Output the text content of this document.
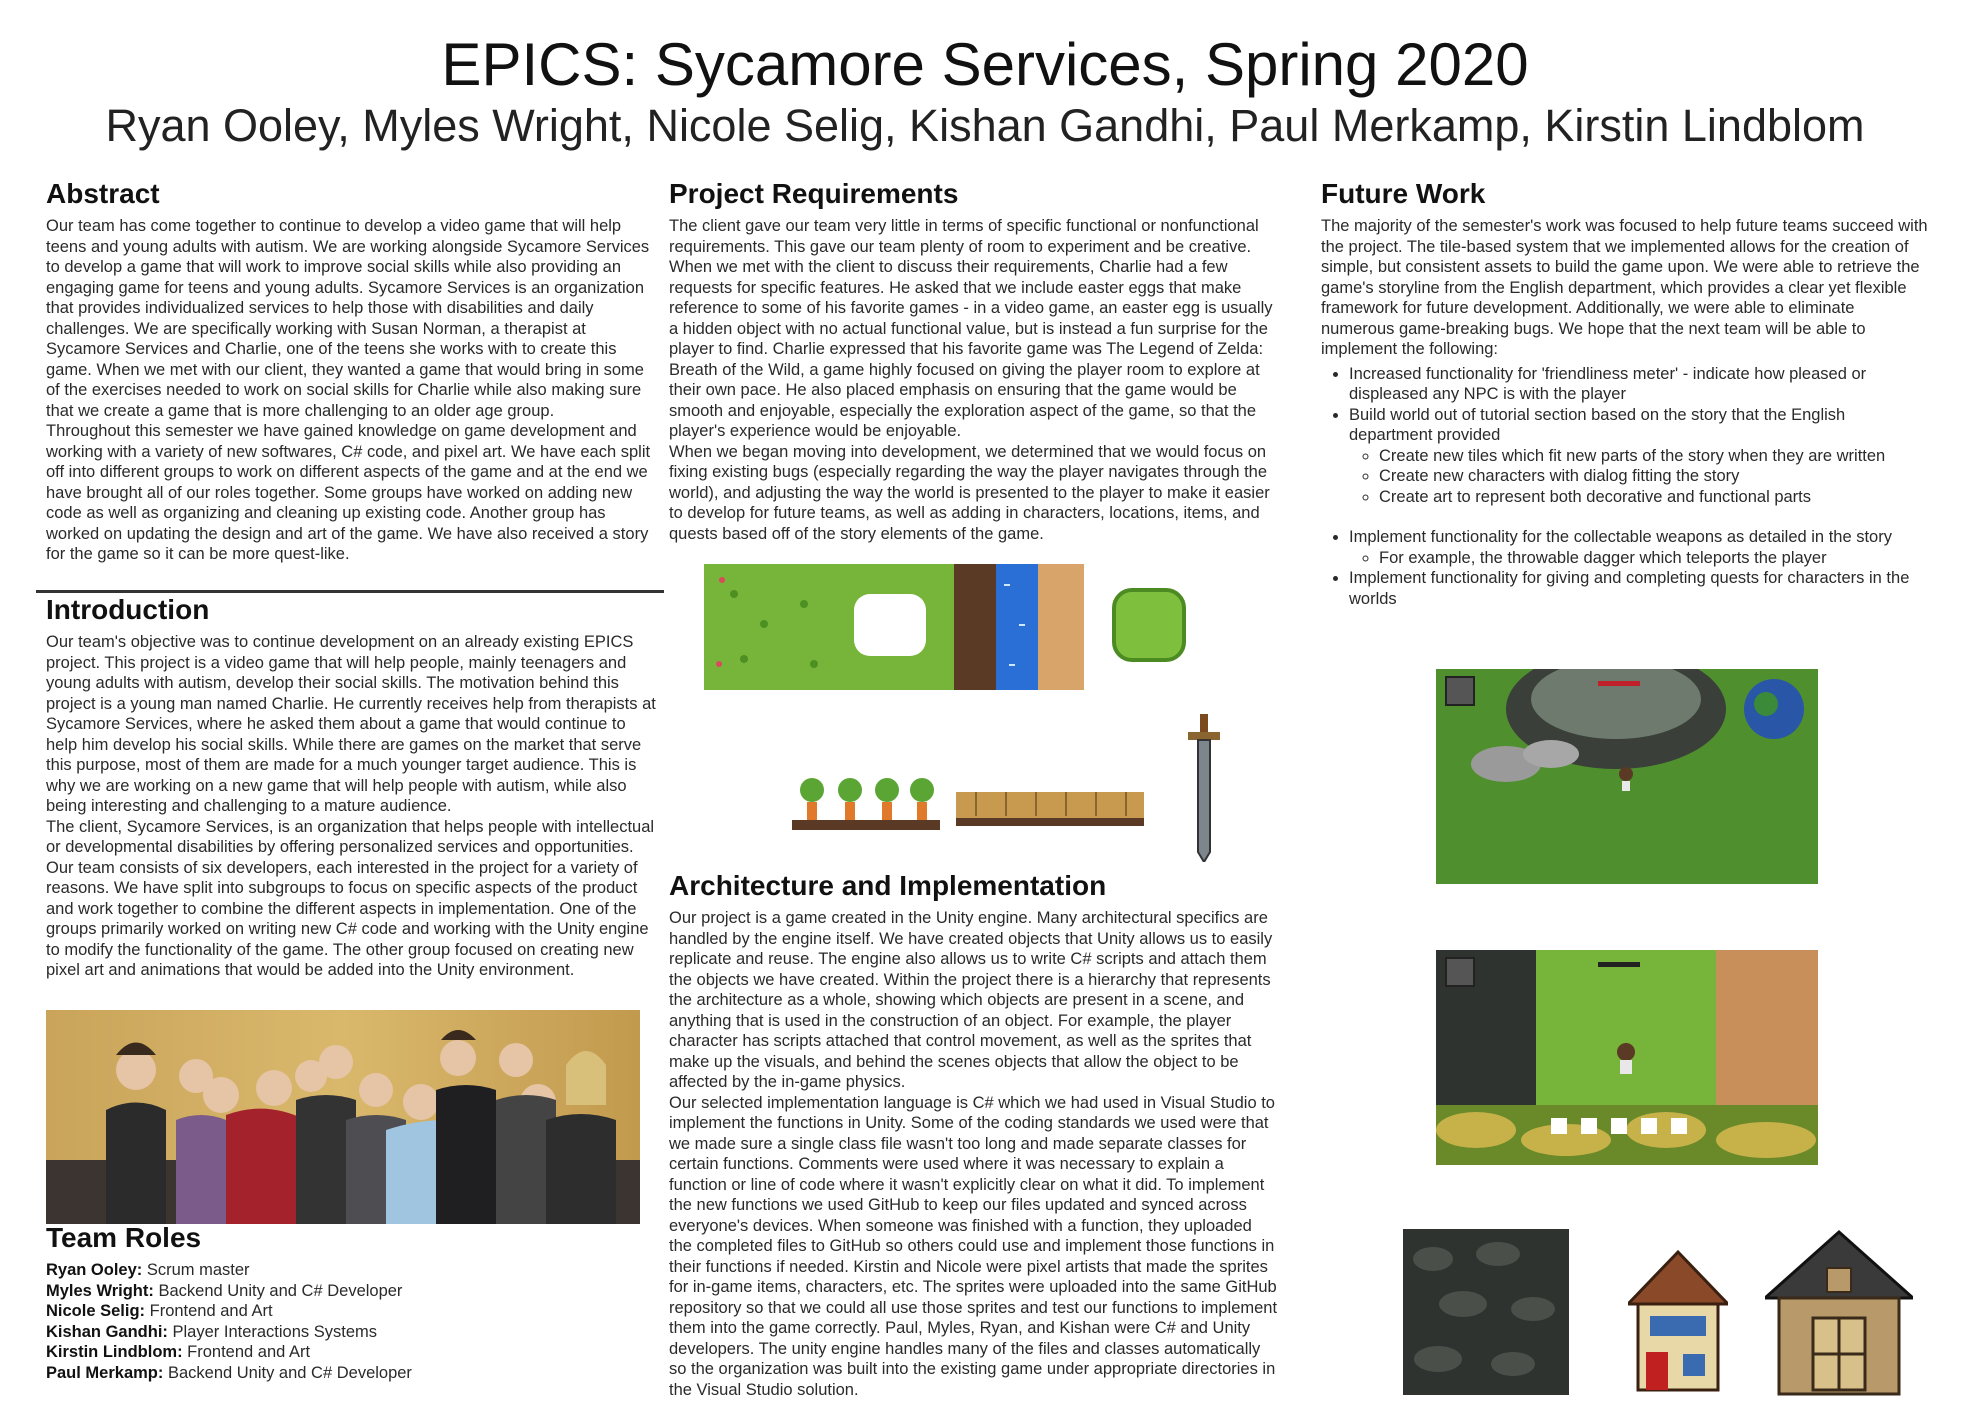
EPICS: Sycamore Services, Spring 2020
Ryan Ooley, Myles Wright, Nicole Selig, Kishan Gandhi, Paul Merkamp, Kirstin Lindblom
Abstract

Our team has come together to continue to develop a video game that will help teens and young adults with autism. We are working alongside Sycamore Services to develop a game that will work to improve social skills while also providing an engaging game for teens and young adults. Sycamore Services is an organization that provides individualized services to help those with disabilities and daily challenges. We are specifically working with Susan Norman, a therapist at Sycamore Services and Charlie, one of the teens she works with to create this game. When we met with our client, they wanted a game that would bring in some of the exercises needed to work on social skills for Charlie while also making sure that we create a game that is more challenging to an older age group.

Throughout this semester we have gained knowledge on game development and working with a variety of new softwares, C# code, and pixel art. We have each split off into different groups to work on different aspects of the game and at the end we have brought all of our roles together. Some groups have worked on adding new code as well as organizing and cleaning up existing code. Another group has worked on updating the design and art of the game. We have also received a story for the game so it can be more quest-like.

Introduction

Our team's objective was to continue development on an already existing EPICS project. This project is a video game that will help people, mainly teenagers and young adults with autism, develop their social skills. The motivation behind this project is a young man named Charlie. He currently receives help from therapists at Sycamore Services, where he asked them about a game that would continue to help him develop his social skills. While there are games on the market that serve this purpose, most of them are made for a much younger target audience. This is why we are working on a new game that will help people with autism, while also being interesting and challenging to a mature audience.

The client, Sycamore Services, is an organization that helps people with intellectual or developmental disabilities by offering personalized services and opportunities. Our team consists of six developers, each interested in the project for a variety of reasons. We have split into subgroups to focus on specific aspects of the product and work together to combine the different aspects in implementation. One of the groups primarily worked on writing new C# code and working with the Unity engine to modify the functionality of the game. The other group focused on creating new pixel art and animations that would be added into the Unity environment.

Team Roles
Ryan Ooley: Scrum master
Myles Wright: Backend Unity and C# Developer
Nicole Selig: Frontend and Art
Kishan Gandhi: Player Interactions Systems
Kirstin Lindblom: Frontend and Art
Paul Merkamp: Backend Unity and C# Developer
Project Requirements

The client gave our team very little in terms of specific functional or nonfunctional requirements. This gave our team plenty of room to experiment and be creative. When we met with the client to discuss their requirements, Charlie had a few requests for specific features. He asked that we include easter eggs that make reference to some of his favorite games - in a video game, an easter egg is usually a hidden object with no actual functional value, but is instead a fun surprise for the player to find. Charlie expressed that his favorite game was The Legend of Zelda: Breath of the Wild, a game highly focused on giving the player room to explore at their own pace. He also placed emphasis on ensuring that the game would be smooth and enjoyable, especially the exploration aspect of the game, so that the player's experience would be enjoyable.

When we began moving into development, we determined that we would focus on fixing existing bugs (especially regarding the way the player navigates through the world), and adjusting the way the world is presented to the player to make it easier to develop for future teams, as well as adding in characters, locations, items, and quests based off of the story elements of the game.

Architecture and Implementation

Our project is a game created in the Unity engine. Many architectural specifics are handled by the engine itself. We have created objects that Unity allows us to easily replicate and reuse. The engine also allows us to write C# scripts and attach them the objects we have created. Within the project there is a hierarchy that represents the architecture as a whole, showing which objects are present in a scene, and anything that is used in the construction of an object. For example, the player character has scripts attached that control movement, as well as the sprites that make up the visuals, and behind the scenes objects that allow the object to be affected by the in-game physics.

Our selected implementation language is C# which we had used in Visual Studio to implement the functions in Unity. Some of the coding standards we used were that we made sure a single class file wasn't too long and made separate classes for certain functions. Comments were used where it was necessary to explain a function or line of code where it wasn't explicitly clear on what it did. To implement the new functions we used GitHub to keep our files updated and synced across everyone's devices. When someone was finished with a function, they uploaded the completed files to GitHub so others could use and implement those functions in their functions if needed. Kirstin and Nicole were pixel artists that made the sprites for in-game items, characters, etc. The sprites were uploaded into the same GitHub repository so that we could all use those sprites and test our functions to implement them into the game correctly. Paul, Myles, Ryan, and Kishan were C# and Unity developers. The unity engine handles many of the files and classes automatically so the organization was built into the existing game under appropriate directories in the Visual Studio solution.

Future Work

The majority of the semester's work was focused to help future teams succeed with the project. The tile-based system that we implemented allows for the creation of simple, but consistent assets to build the game upon. We were able to retrieve the game's storyline from the English department, which provides a clear yet flexible framework for future development. Additionally, we were able to eliminate numerous game-breaking bugs. We hope that the next team will be able to implement the following:

• Increased functionality for 'friendliness meter' - indicate how pleased or displeased any NPC is with the player
• Build world out of tutorial section based on the story that the English department provided
◦ Create new tiles which fit new parts of the story when they are written
◦ Create new characters with dialog fitting the story
◦ Create art to represent both decorative and functional parts
• Implement functionality for the collectable weapons as detailed in the story
◦ For example, the throwable dagger which teleports the player
• Implement functionality for giving and completing quests for characters in the worlds
